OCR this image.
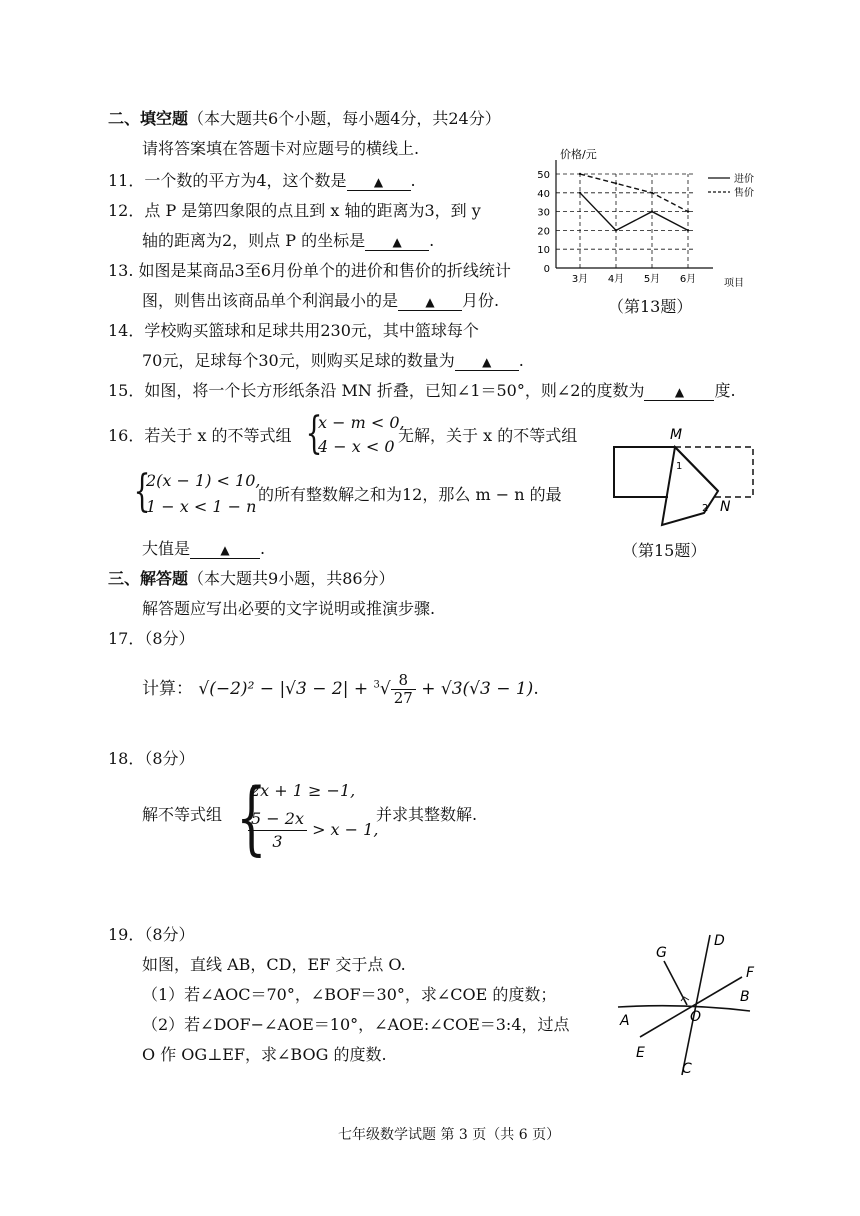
二、填空题（本大题共6个小题，每小题4分，共24分）
请将答案填在答题卡对应题号的横线上.
11．一个数的平方为4，这个数是 ▲ .
12．点 P 是第四象限的点且到 x 轴的距离为3，到 y
轴的距离为2，则点 P 的坐标是 ▲ .
13. 如图是某商品3至6月份单个的进价和售价的折线统计
图，则售出该商品单个利润最小的是 ▲ 月份.
14．学校购买篮球和足球共用230元，其中篮球每个
70元，足球每个30元，则购买足球的数量为 ▲ .
15．如图，将一个长方形纸条沿 MN 折叠，已知∠1＝50°，则∠2的度数为	▲ 度.
16．若关于 x 的不等式组 {
x − m < 0,
4 − x < 0
无解，关于 x 的不等式组
{
2(x − 1) < 10,
1 − x < 1 − n
的所有整数解之和为12，那么 m − n 的最
大值是	▲ .
三、解答题（本大题共9小题，共86分）
解答题应写出必要的文字说明或推演步骤.
17．（8分）
计算： $√(-2)^2 - |√3 - 2| + ^3√ \frac{8}{27} + √3(√3 - 1)$.
18．（8分）
解不等式组 {
2x + 1 ≥ −1,
$\frac{5 - 2x}{3} > x - 1$,
并求其整数解.
19．（8分）
如图，直线 AB，CD，EF 交于点 O.
（1）若∠AOC＝70°，∠BOF＝30°，求∠COE 的度数；
（2）若∠DOF−∠AOE＝10°，∠AOE:∠COE＝3:4，过点
O 作 OG⊥EF，求∠BOG 的度数.
0
10
20
30
40
50
3月 4月 5月 6月
价格/元
项目
进价
售价
（第13题）
M
N
1
2
（第15题）
A
B
C
D
E
F
G
O
七年级数学试题 第 3 页（共 6 页）
